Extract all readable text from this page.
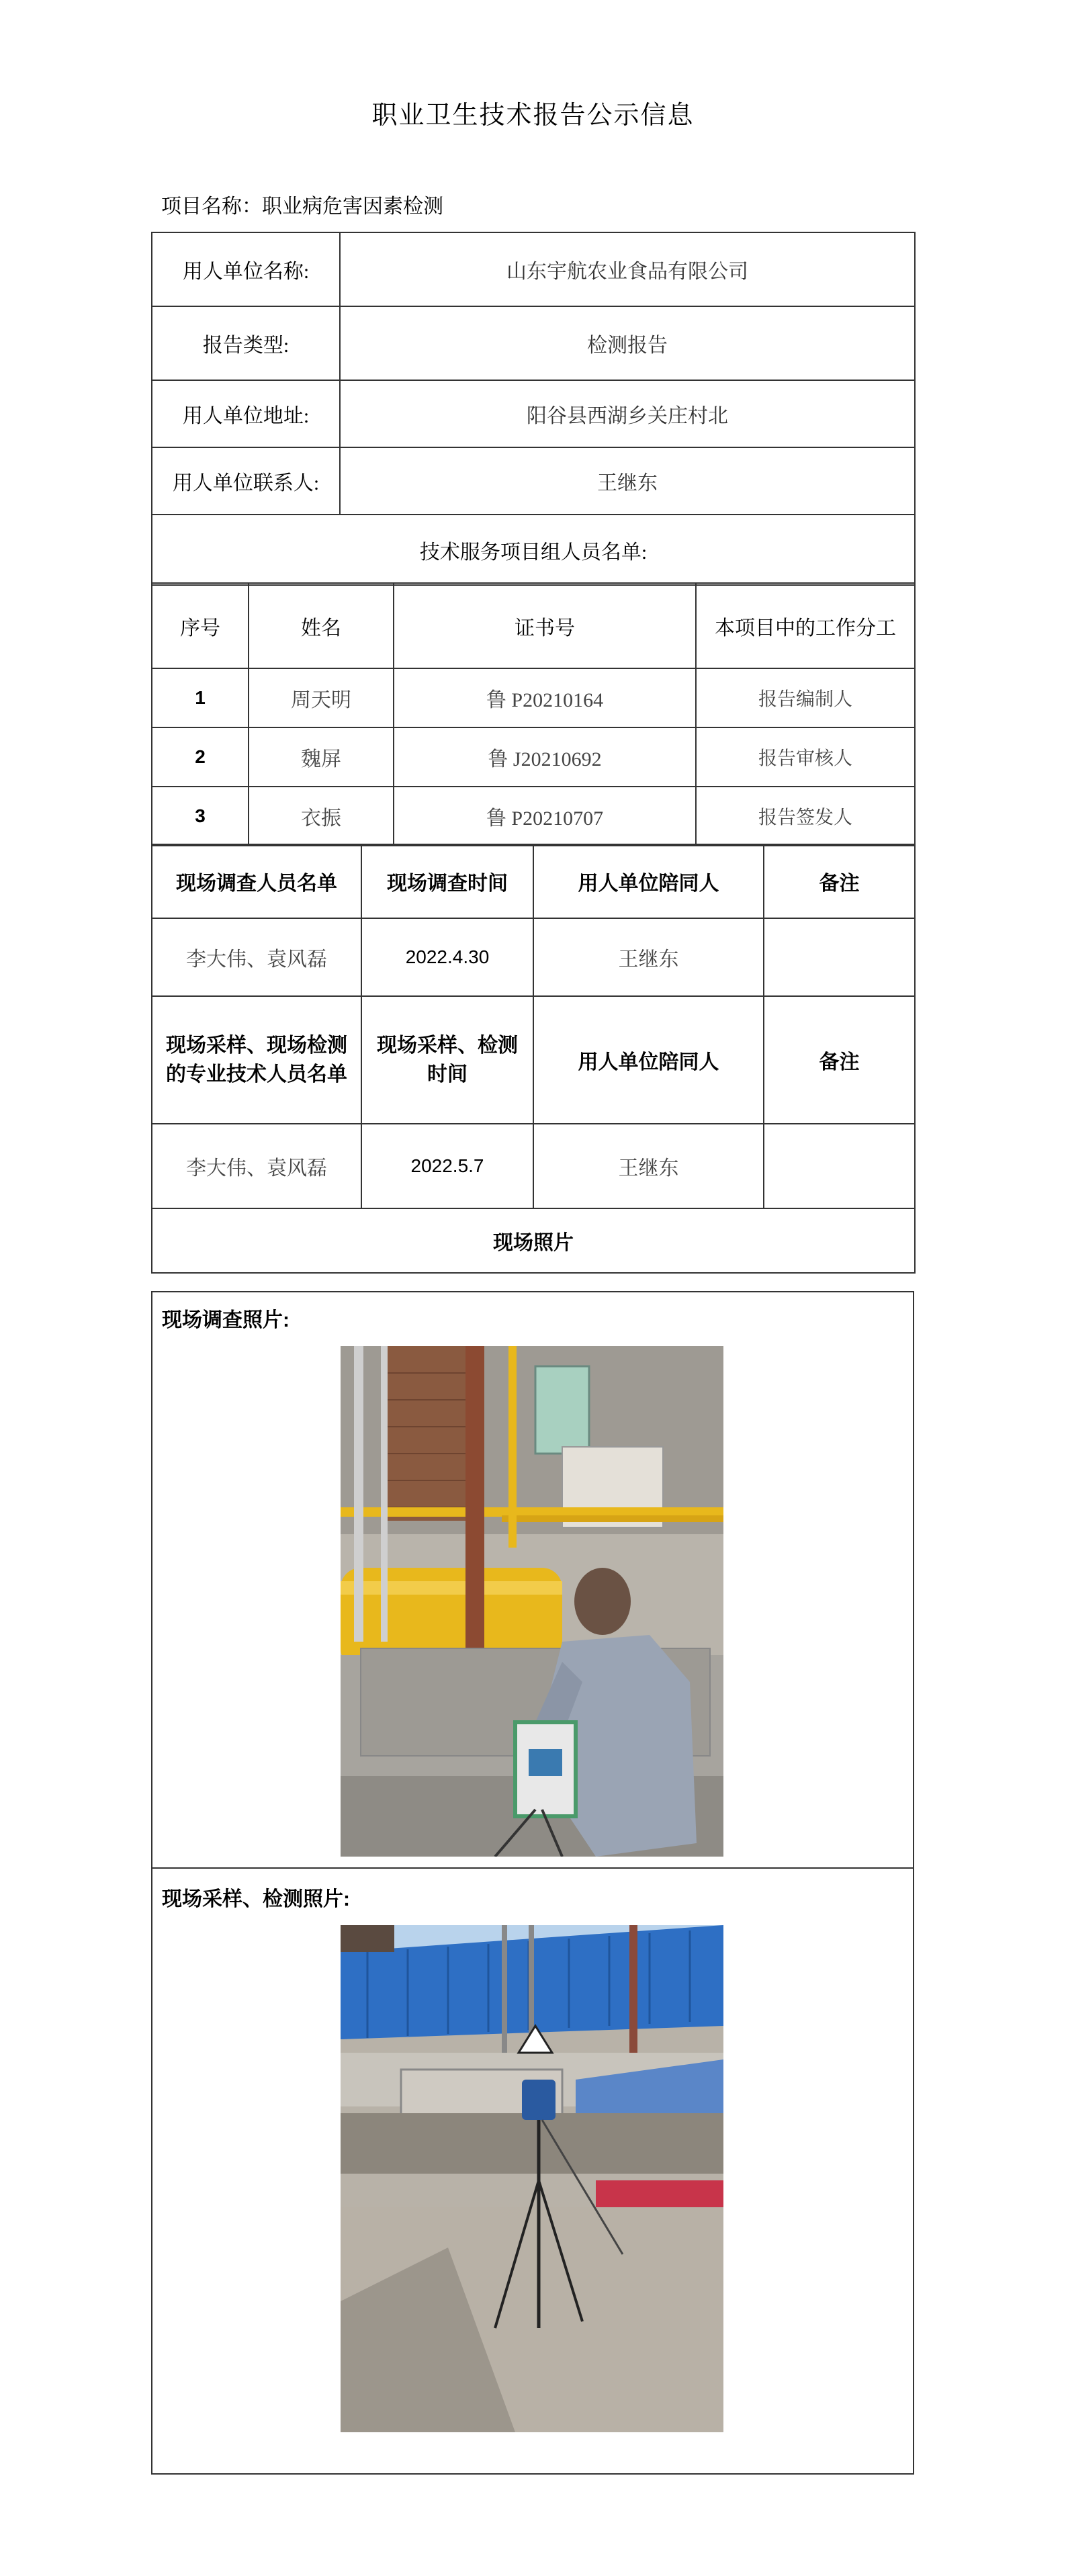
职业卫生技术报告公示信息
项目名称：职业病危害因素检测
用人单位名称:	山东宇航农业食品有限公司
报告类型:	检测报告
用人单位地址:	阳谷县西湖乡关庄村北
用人单位联系人:	王继东
技术服务项目组人员名单:	
序号	姓名	证书号	本项目中的工作分工
1	周天明	鲁 P20210164	报告编制人
2	魏屏	鲁 J20210692	报告审核人
3	衣振	鲁 P20210707	报告签发人
现场调查人员名单	现场调查时间	用人单位陪同人	备注
李大伟、袁风磊	2022.4.30	王继东	
现场采样、现场检测的专业技术人员名单	现场采样、检测时间	用人单位陪同人	备注
李大伟、袁风磊	2022.5.7	王继东	
现场照片			
现场调查照片:
现场采样、检测照片:
